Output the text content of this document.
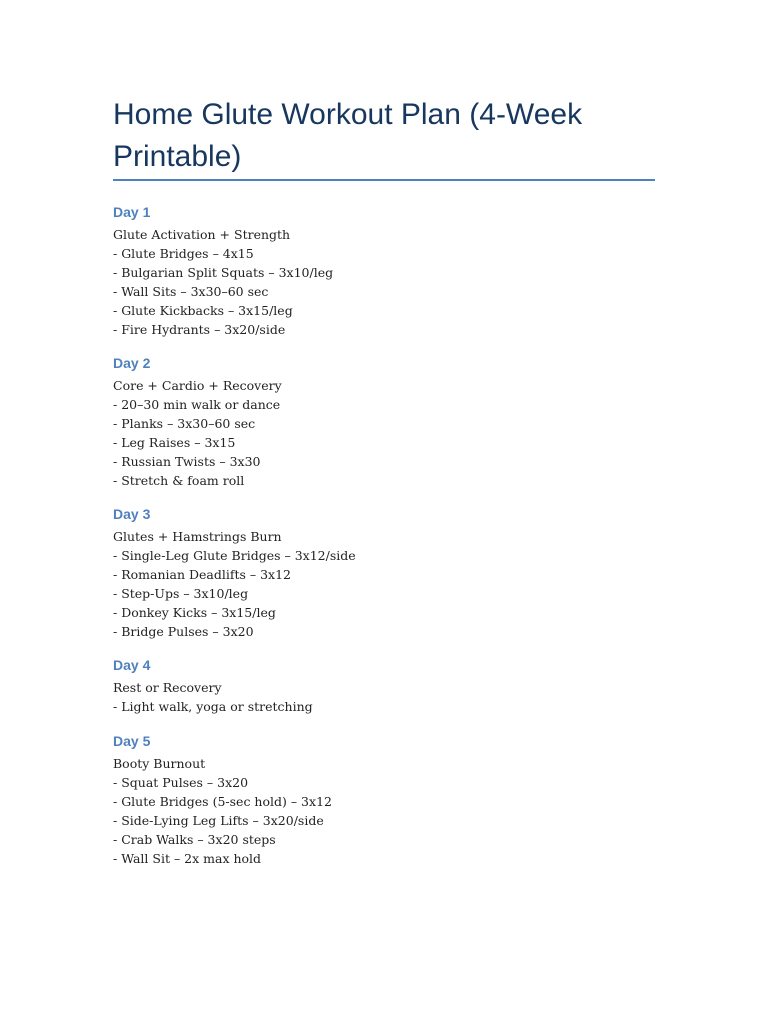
Home Glute Workout Plan (4-Week Printable)
Day 1
Glute Activation + Strength
- Glute Bridges – 4x15
- Bulgarian Split Squats – 3x10/leg
- Wall Sits – 3x30–60 sec
- Glute Kickbacks – 3x15/leg
- Fire Hydrants – 3x20/side
Day 2
Core + Cardio + Recovery
- 20–30 min walk or dance
- Planks – 3x30–60 sec
- Leg Raises – 3x15
- Russian Twists – 3x30
- Stretch & foam roll
Day 3
Glutes + Hamstrings Burn
- Single-Leg Glute Bridges – 3x12/side
- Romanian Deadlifts – 3x12
- Step-Ups – 3x10/leg
- Donkey Kicks – 3x15/leg
- Bridge Pulses – 3x20
Day 4
Rest or Recovery
- Light walk, yoga or stretching
Day 5
Booty Burnout
- Squat Pulses – 3x20
- Glute Bridges (5-sec hold) – 3x12
- Side-Lying Leg Lifts – 3x20/side
- Crab Walks – 3x20 steps
- Wall Sit – 2x max hold
